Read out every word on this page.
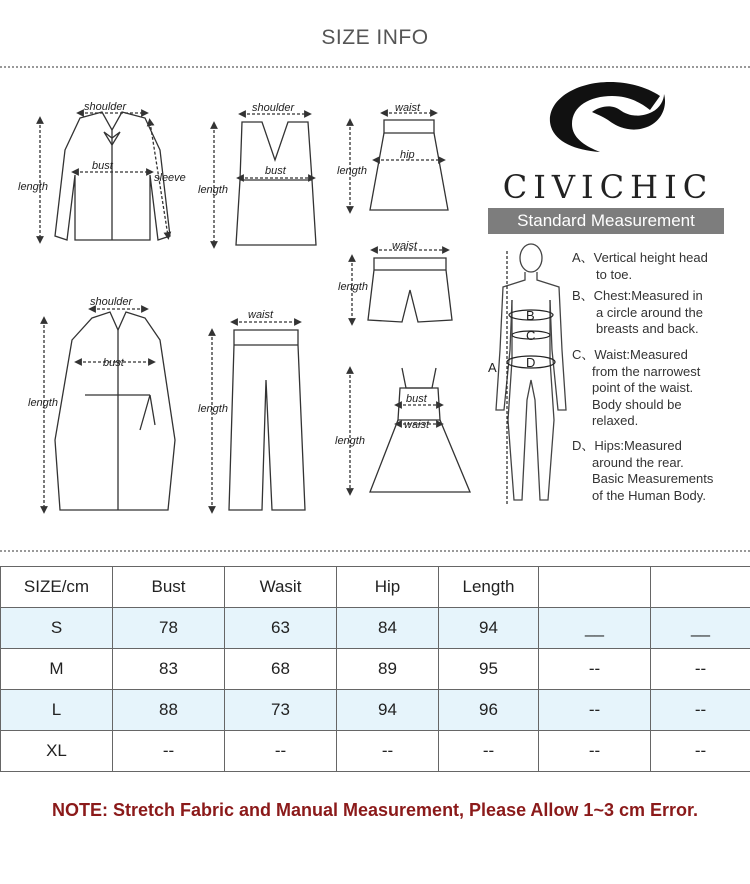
SIZE INFO
shoulder
bust
sleeve
length
shoulder
bust
length
waist
hip
length
waist
length
shoulder
bust
length
waist
length
bust
waist
length
A
B
C
D
CIVICHIC
Standard Measurement
A、Vertical height head
to toe.
B、Chest:Measured in
a circle around the
breasts and back.
C、Waist:Measured
from the narrowest
point of the waist.
Body should be
relaxed.
D、Hips:Measured
around the rear.
Basic Measurements
of the Human Body.
SIZE/cm	Bust	Wasit	Hip	Length		
S	78	63	84	94	__	__
M	83	68	89	95	--	--
L	88	73	94	96	--	--
XL	--	--	--	--	--	--
NOTE: Stretch Fabric and Manual Measurement, Please Allow 1~3 cm Error.
